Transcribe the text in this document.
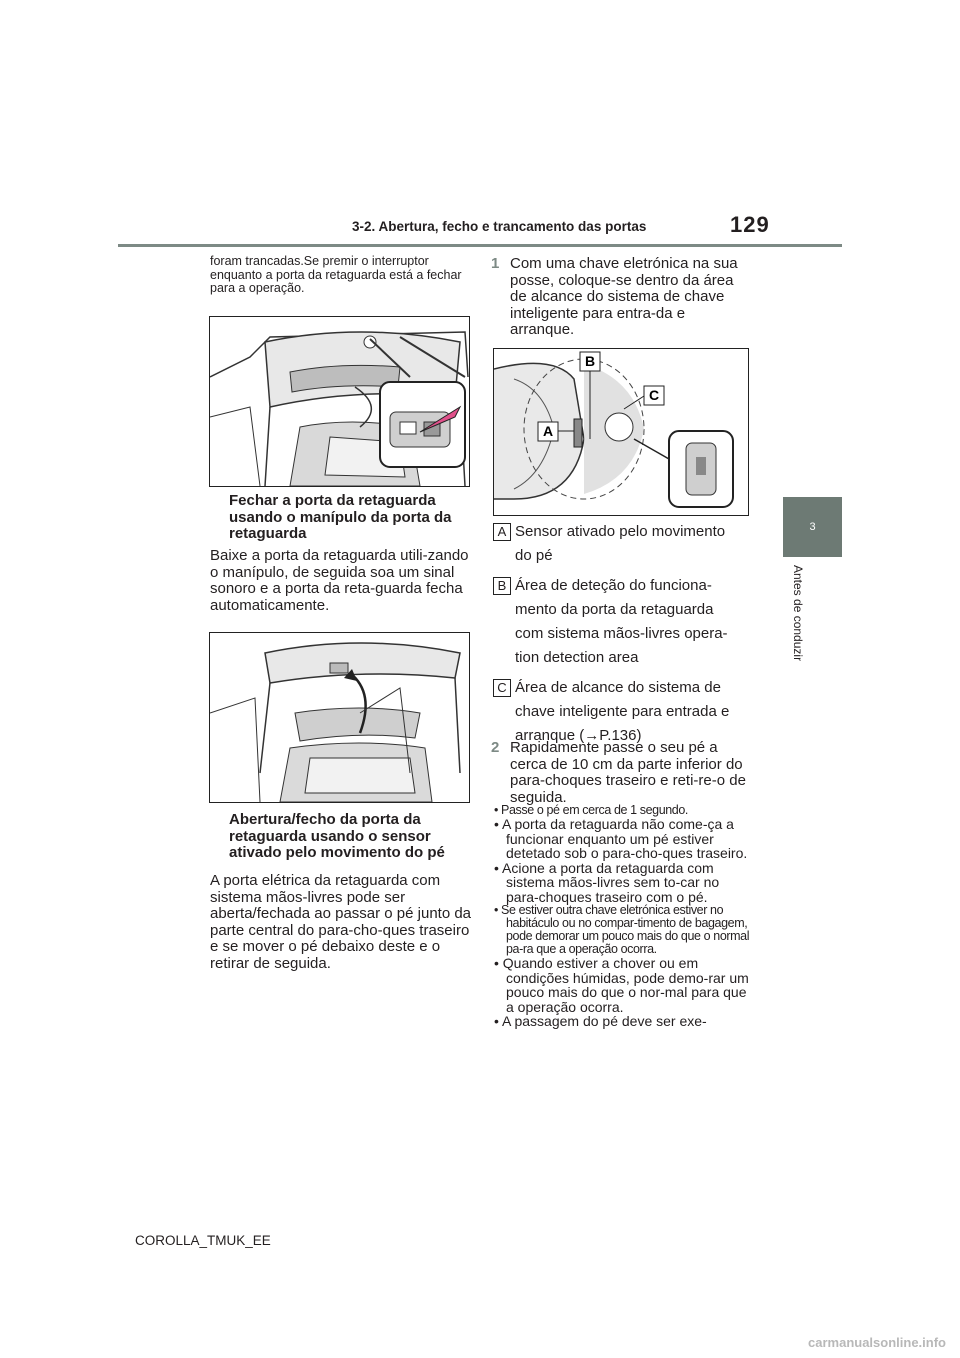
3-2. Abertura, fecho e trancamento das portas	129
3
Antes de conduzir
foram trancadas.Se premir o interruptor enquanto a porta da retaguarda está a fechar para a operação.
Fechar a porta da retaguarda usando o manípulo da porta da retaguarda
Baixe a porta da retaguarda utili-zando o manípulo, de seguida soa um sinal sonoro e a porta da reta-guarda fecha automaticamente.
Abertura/fecho da porta da retaguarda usando o sensor ativado pelo movimento do pé
A porta elétrica da retaguarda com sistema mãos-livres pode ser aberta/fechada ao passar o pé junto da parte central do para-cho-ques traseiro e se mover o pé debaixo deste e o retirar de seguida.
1 Com uma chave eletrónica na sua posse, coloque-se dentro da área de alcance do sistema de chave inteligente para entra-da e arranque.
B
C
A
A Sensor ativado pelo movimento
do pé
B Área de deteção do funciona-
mento da porta da retaguarda
com sistema mãos-livres opera-
tion detection area
C Área de alcance do sistema de
chave inteligente para entrada e
arranque (→P.136)
2 Rapidamente passe o seu pé a cerca de 10 cm da parte inferior do para-choques traseiro e reti-re-o de seguida.
• Passe o pé em cerca de 1 segundo.
• A porta da retaguarda não come-ça a funcionar enquanto um pé estiver detetado sob o para-cho-ques traseiro.
• Acione a porta da retaguarda com sistema mãos-livres sem to-car no para-choques traseiro com o pé.
• Se estiver outra chave eletrónica estiver no habitáculo ou no compar-timento de bagagem, pode demorar um pouco mais do que o normal pa-ra que a operação ocorra.
• Quando estiver a chover ou em condições húmidas, pode demo-rar um pouco mais do que o nor-mal para que a operação ocorra.
• A passagem do pé deve ser exe-
COROLLA_TMUK_EE
carmanualsonline.info
